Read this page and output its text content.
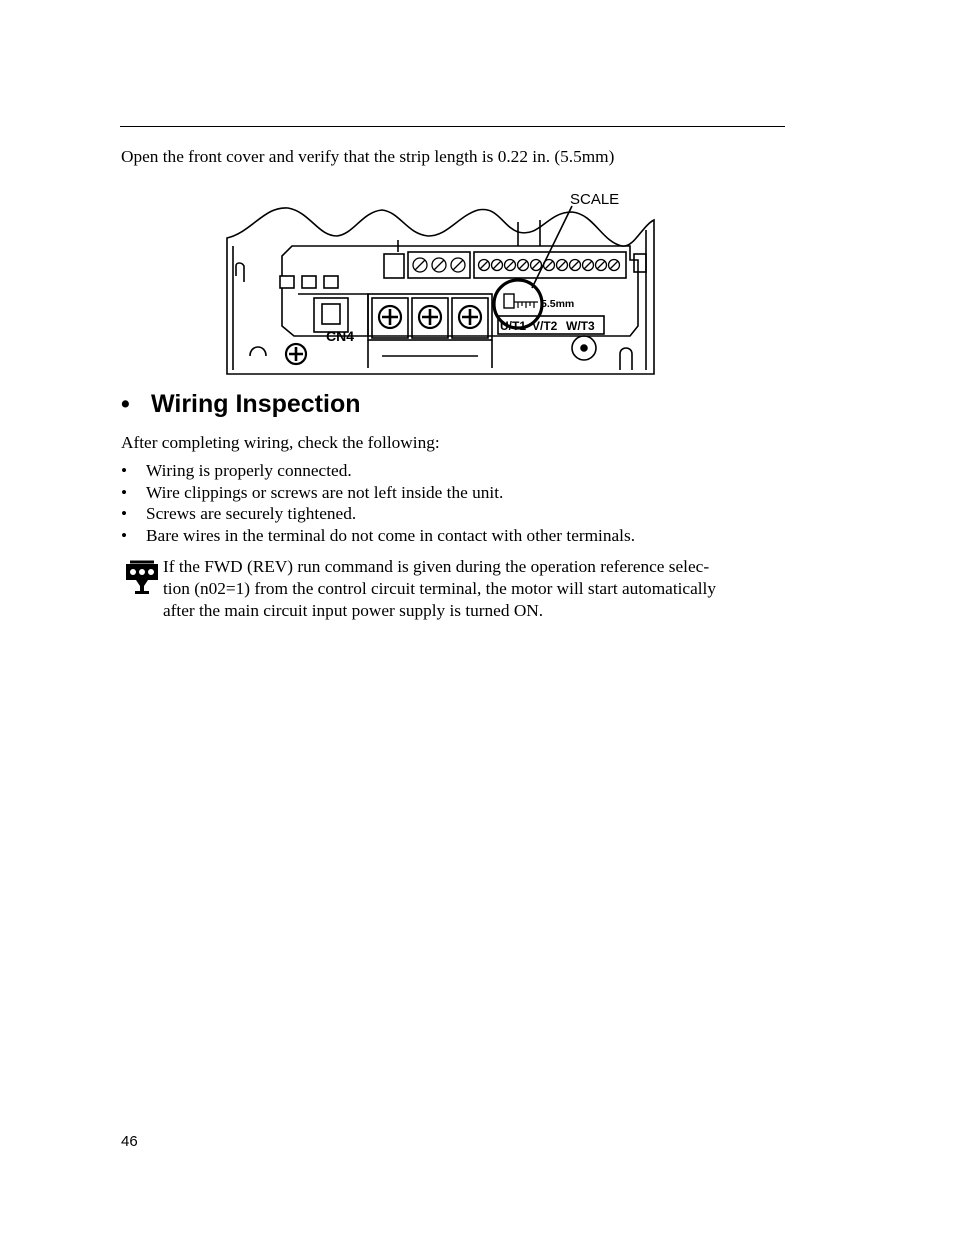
Open the front cover and verify that the strip length is 0.22 in. (5.5mm)
SCALE
5.5mm
CN4
U/T1 V/T2 W/T3
• Wiring Inspection
After completing wiring, check the following:
• Wiring is properly connected.
• Wire clippings or screws are not left inside the unit.
• Screws are securely tightened.
• Bare wires in the terminal do not come in contact with other terminals.
If the FWD (REV) run command is given during the operation reference selec-
tion (n02=1) from the control circuit terminal, the motor will start automatically
after the main circuit input power supply is turned ON.
46
